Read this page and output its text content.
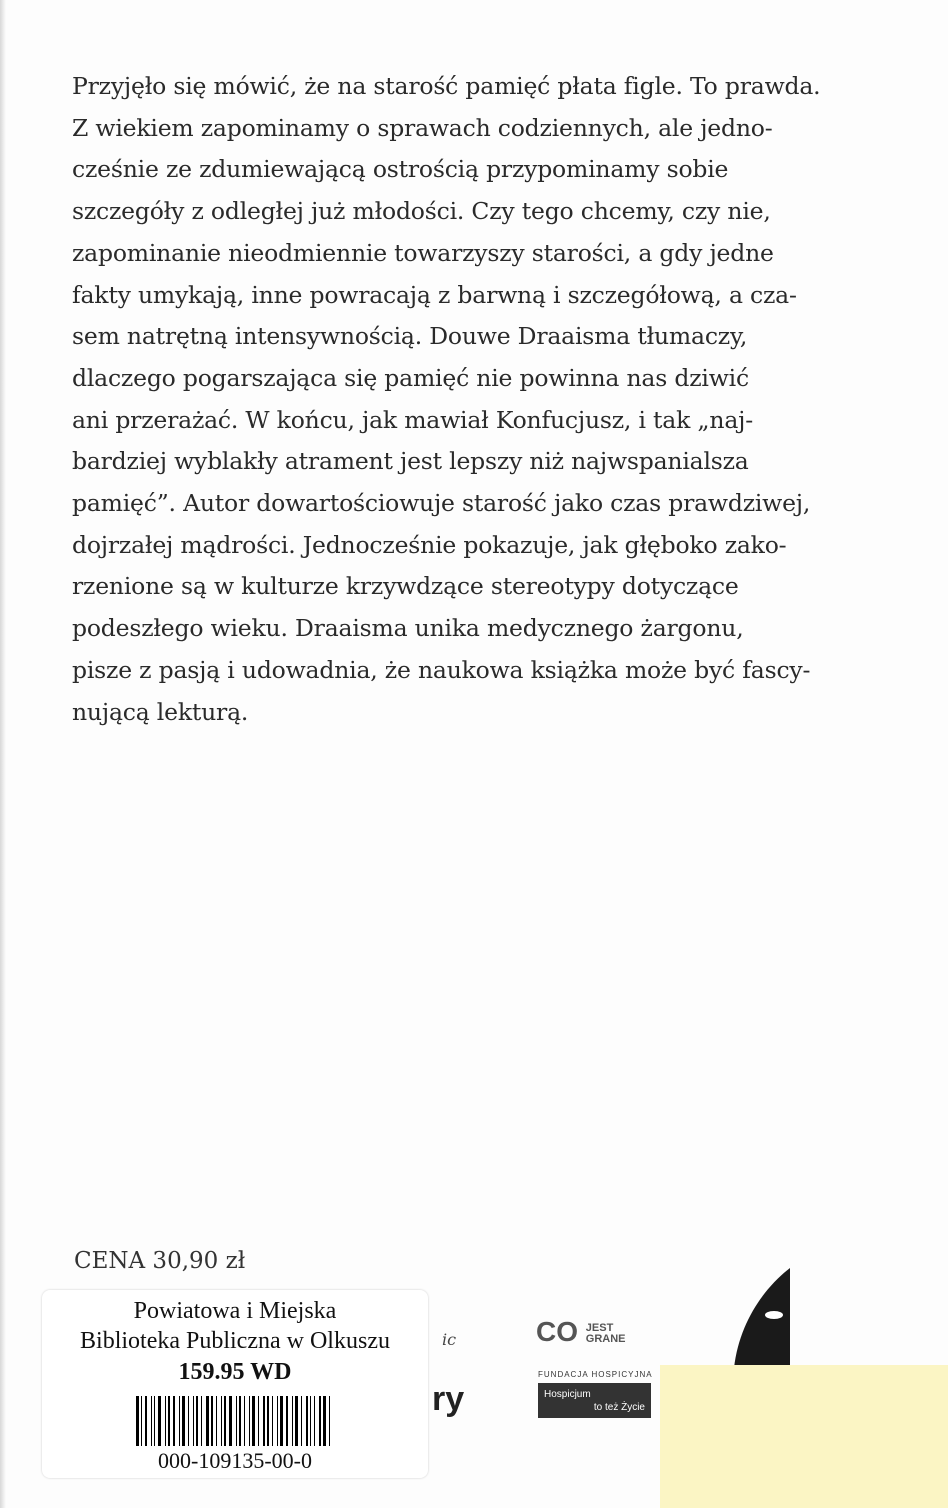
Przyjęło się mówić, że na starość pamięć płata figle. To prawda.
Z wiekiem zapominamy o sprawach codziennych, ale jedno-
cześnie ze zdumiewającą ostrością przypominamy sobie
szczegóły z odległej już młodości. Czy tego chcemy, czy nie,
zapominanie nieodmiennie towarzyszy starości, a gdy jedne
fakty umykają, inne powracają z barwną i szczegółową, a cza-
sem natrętną intensywnością. Douwe Draaisma tłumaczy,
dlaczego pogarszająca się pamięć nie powinna nas dziwić
ani przerażać. W końcu, jak mawiał Konfucjusz, i tak „naj-
bardziej wyblakły atrament jest lepszy niż najwspanialsza
pamięć”. Autor dowartościowuje starość jako czas prawdziwej,
dojrzałej mądrości. Jednocześnie pokazuje, jak głęboko zako-
rzenione są w kulturze krzywdzące stereotypy dotyczące
podeszłego wieku. Draaisma unika medycznego żargonu,
pisze z pasją i udowadnia, że naukowa książka może być fascy-
nującą lekturą.
CENA 30,90 zł
ic
ry
Powiatowa i Miejska
Biblioteka Publiczna w Olkuszu
159.95 WD
000-109135-00-0
CO JEST
GRANE
FUNDACJA HOSPICYJNA
Hospicjum
to też Życie
